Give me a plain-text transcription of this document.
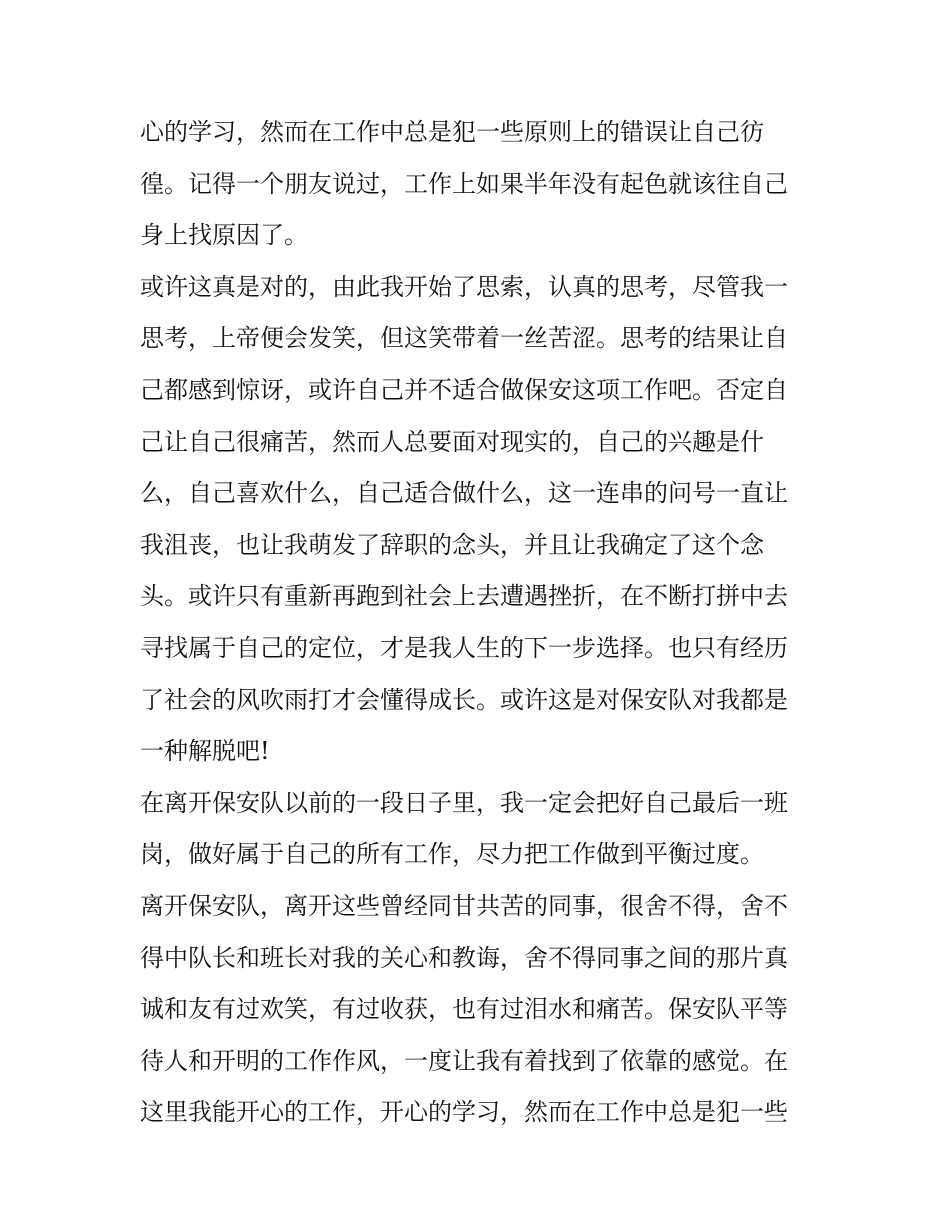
心的学习，然而在工作中总是犯一些原则上的错误让自己彷
徨。记得一个朋友说过，工作上如果半年没有起色就该往自己
身上找原因了。
或许这真是对的，由此我开始了思索，认真的思考，尽管我一
思考，上帝便会发笑，但这笑带着一丝苦涩。思考的结果让自
己都感到惊讶，或许自己并不适合做保安这项工作吧。否定自
己让自己很痛苦，然而人总要面对现实的，自己的兴趣是什
么，自己喜欢什么，自己适合做什么，这一连串的问号一直让
我沮丧，也让我萌发了辞职的念头，并且让我确定了这个念
头。或许只有重新再跑到社会上去遭遇挫折，在不断打拼中去
寻找属于自己的定位，才是我人生的下一步选择。也只有经历
了社会的风吹雨打才会懂得成长。或许这是对保安队对我都是
一种解脱吧!
在离开保安队以前的一段日子里，我一定会把好自己最后一班
岗，做好属于自己的所有工作，尽力把工作做到平衡过度。
离开保安队，离开这些曾经同甘共苦的同事，很舍不得，舍不
得中队长和班长对我的关心和教诲，舍不得同事之间的那片真
诚和友有过欢笑，有过收获，也有过泪水和痛苦。保安队平等
待人和开明的工作作风，一度让我有着找到了依靠的感觉。在
这里我能开心的工作，开心的学习，然而在工作中总是犯一些
